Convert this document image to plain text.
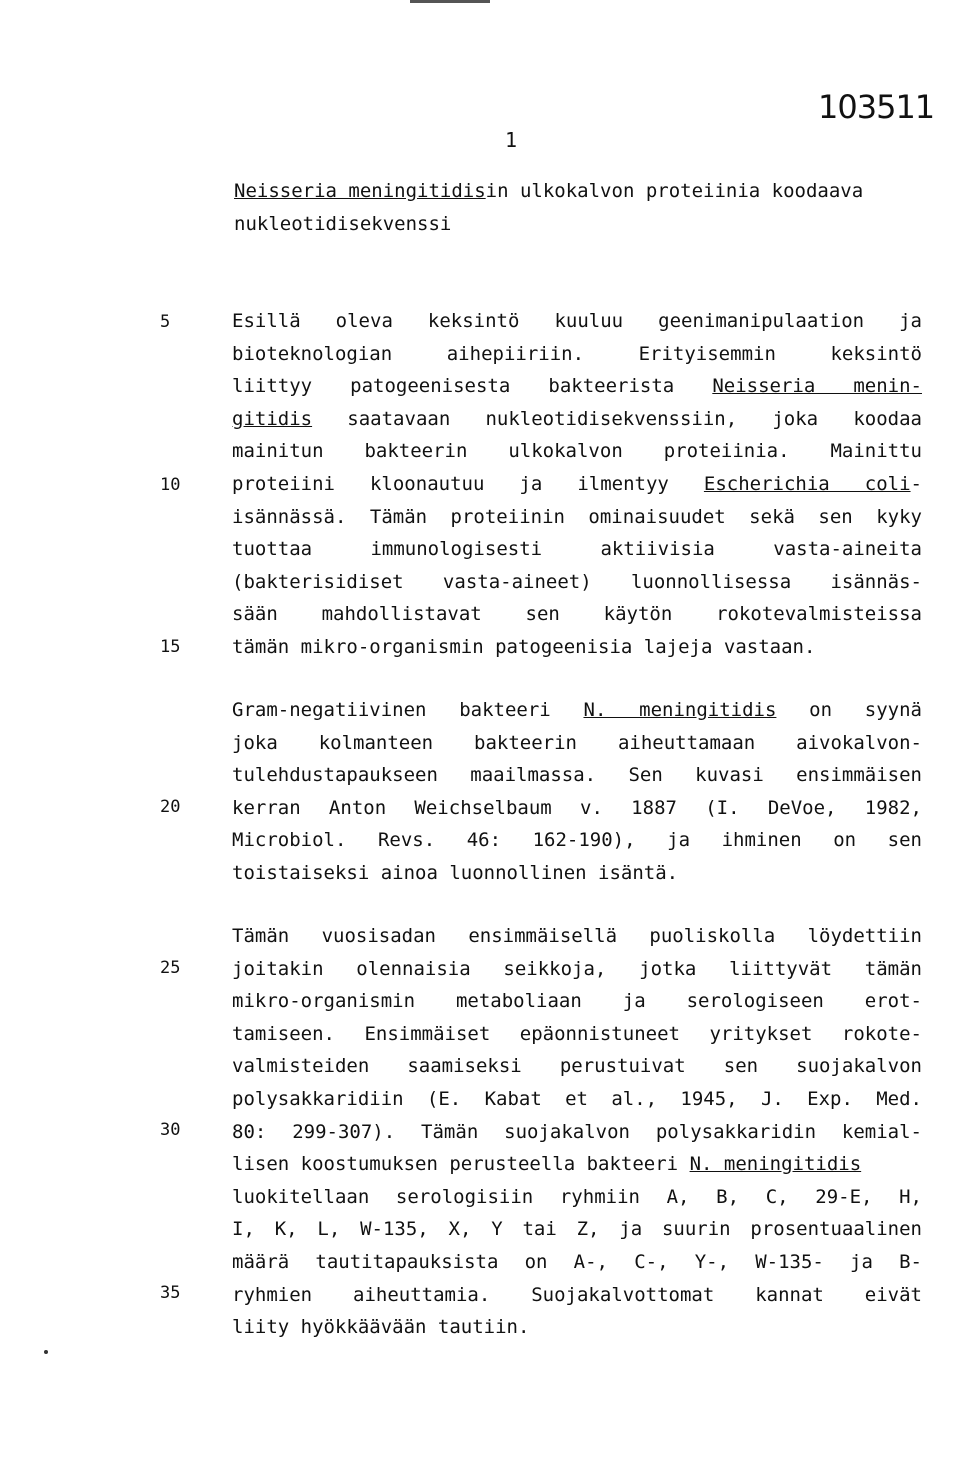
1
103511
Neisseria meningitidisin ulkokalvon proteiinia koodaava
nukleotidisekvenssi
5
10
15
20
25
30
35
Esillä oleva keksintö kuuluu geenimanipulaation ja
bioteknologian aihepiiriin. Erityisemmin keksintö
liittyy patogeenisesta bakteerista Neisseria menin-
gitidis saatavaan nukleotidisekvenssiin, joka koodaa
mainitun bakteerin ulkokalvon proteiinia. Mainittu
proteiini kloonautuu ja ilmentyy Escherichia coli-
isännässä. Tämän proteiinin ominaisuudet sekä sen kyky
tuottaa immunologisesti aktiivisia vasta-aineita
(bakterisidiset vasta-aineet) luonnollisessa isännäs-
sään mahdollistavat sen käytön rokotevalmisteissa
tämän mikro-organismin patogeenisia lajeja vastaan.
Gram-negatiivinen bakteeri N. meningitidis on syynä
joka kolmanteen bakteerin aiheuttamaan aivokalvon-
tulehdustapaukseen maailmassa. Sen kuvasi ensimmäisen
kerran Anton Weichselbaum v. 1887 (I. DeVoe, 1982,
Microbiol. Revs. 46: 162-190), ja ihminen on sen
toistaiseksi ainoa luonnollinen isäntä.
Tämän vuosisadan ensimmäisellä puoliskolla löydettiin
joitakin olennaisia seikkoja, jotka liittyvät tämän
mikro-organismin metaboliaan ja serologiseen erot-
tamiseen. Ensimmäiset epäonnistuneet yritykset rokote-
valmisteiden saamiseksi perustuivat sen suojakalvon
polysakkaridiin (E. Kabat et al., 1945, J. Exp. Med.
80: 299-307). Tämän suojakalvon polysakkaridin kemial-
lisen koostumuksen perusteella bakteeri N. meningitidis
luokitellaan serologisiin ryhmiin A, B, C, 29-E, H,
I, K, L, W-135, X, Y tai Z, ja suurin prosentuaalinen
määrä tautitapauksista on A-, C-, Y-, W-135- ja B-
ryhmien aiheuttamia. Suojakalvottomat kannat eivät
liity hyökkäävään tautiin.
